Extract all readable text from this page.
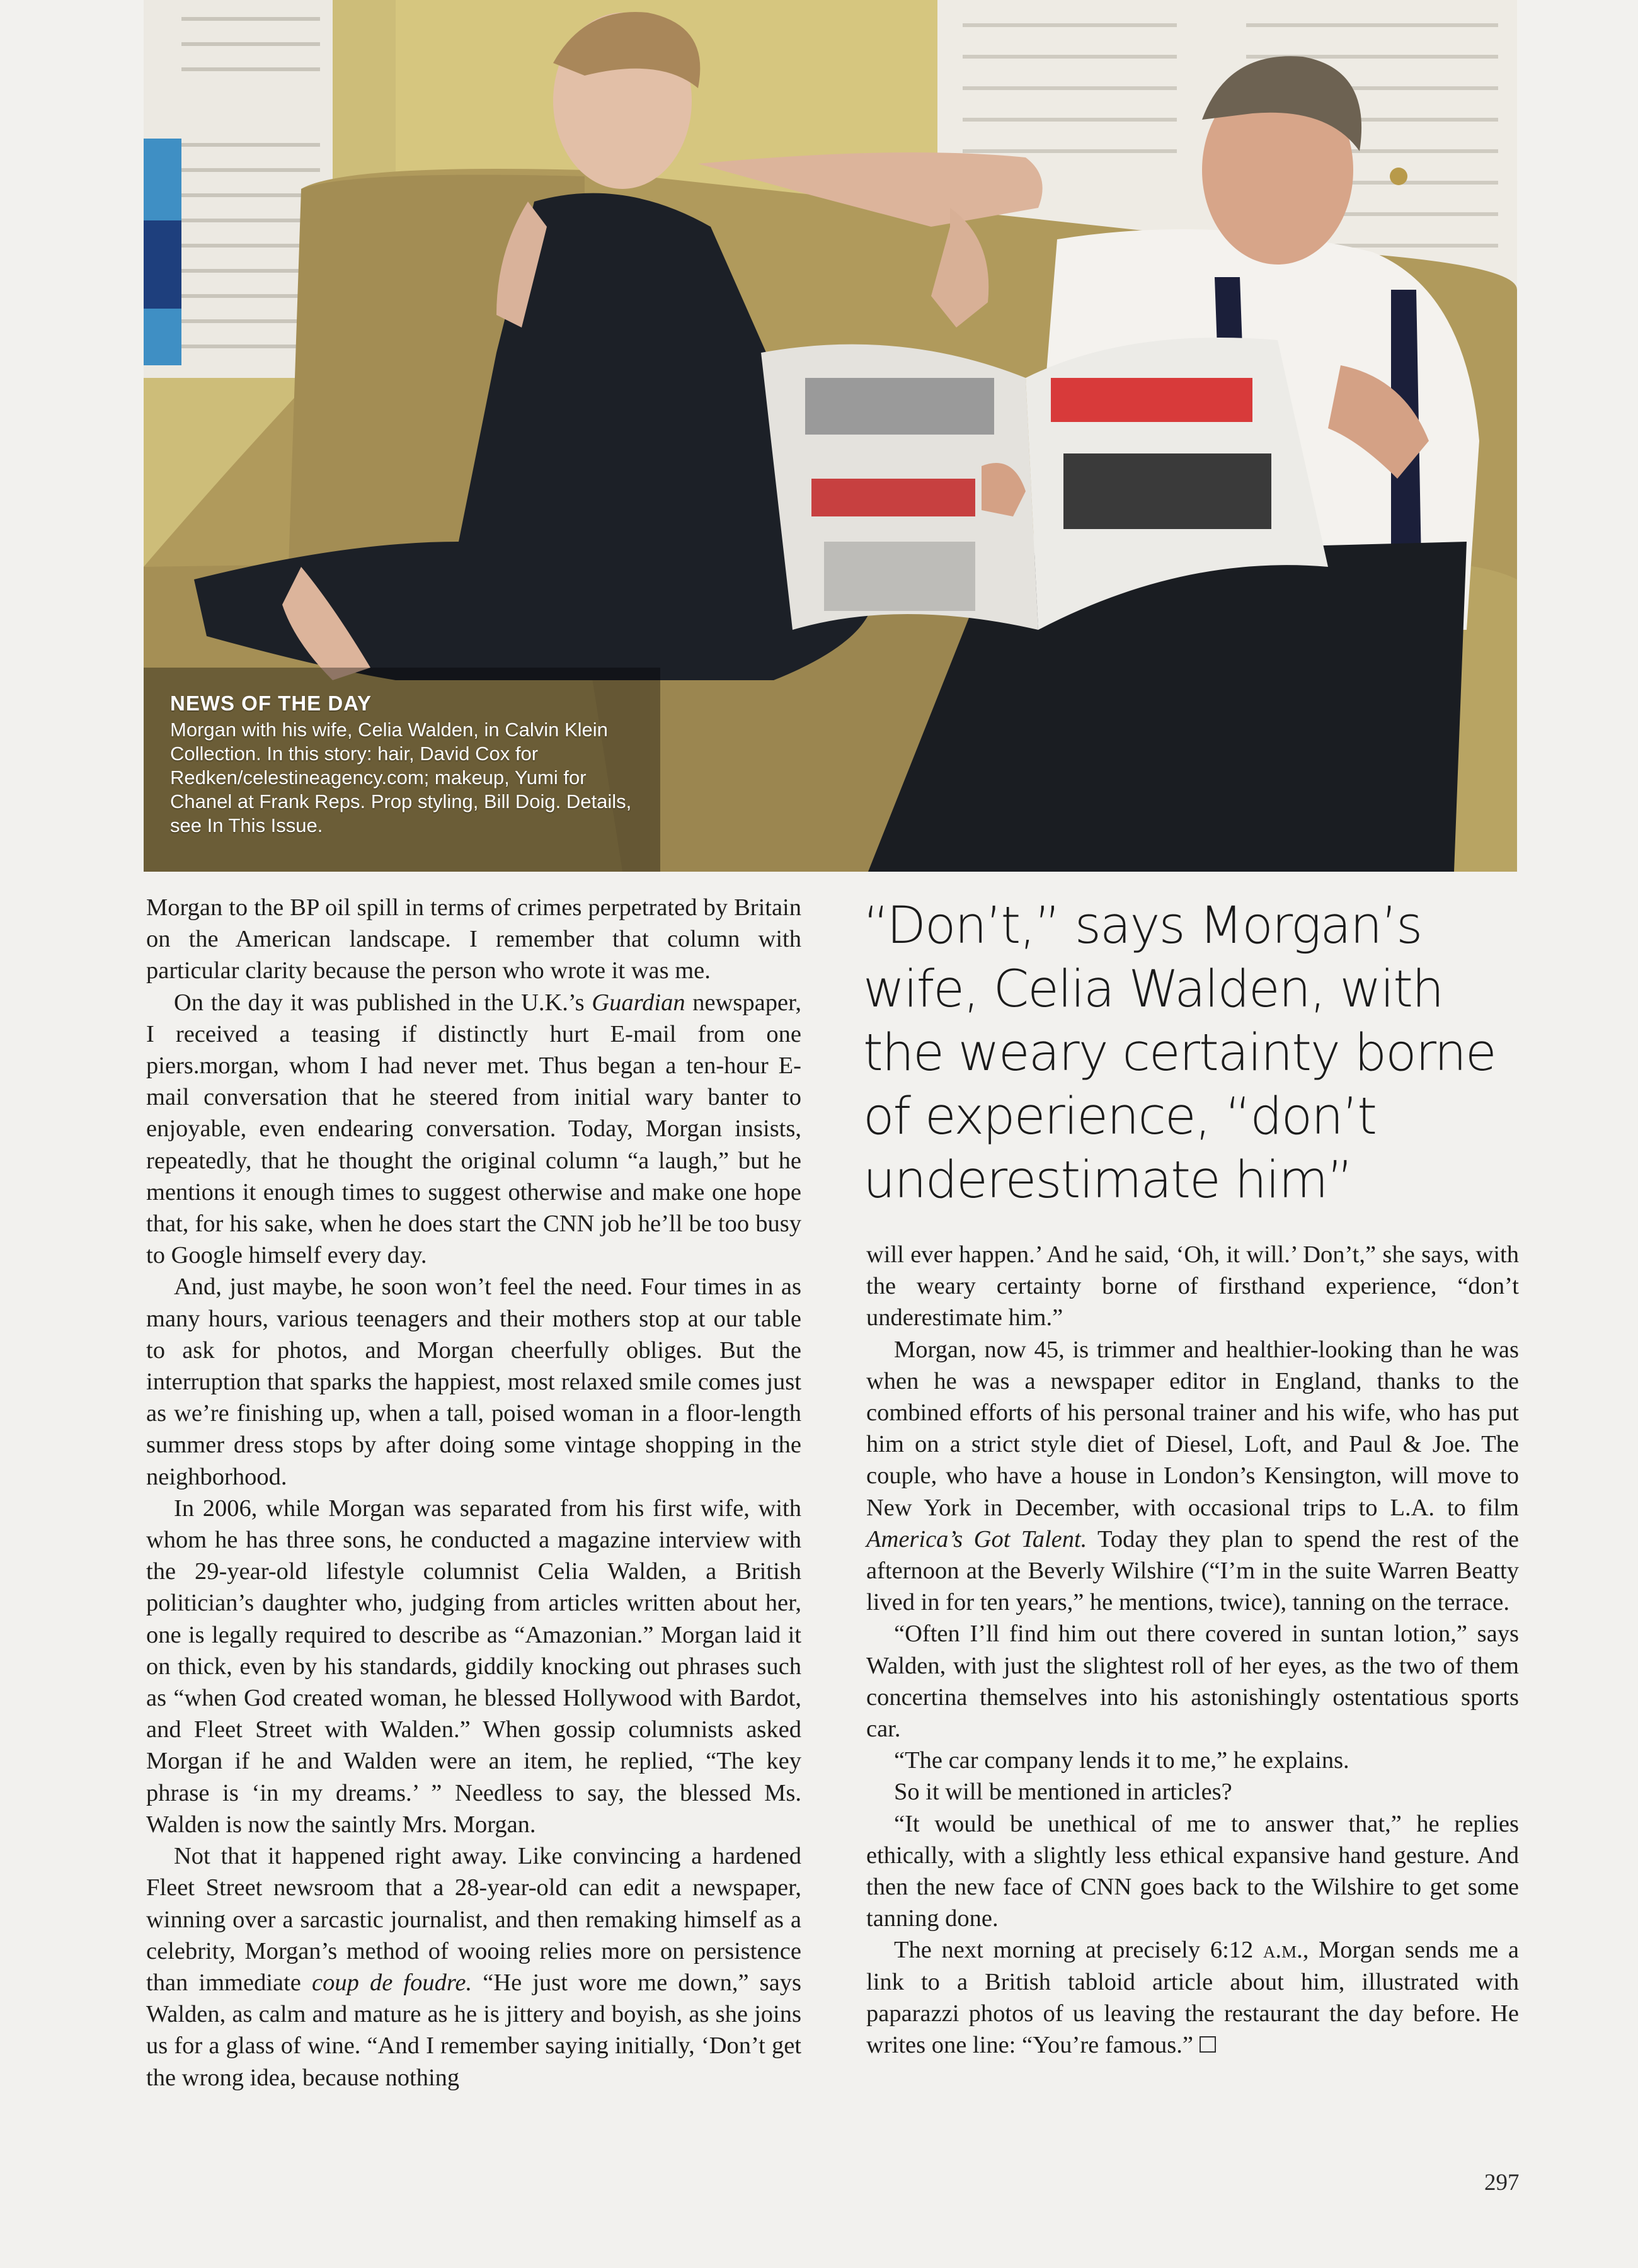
NEWS OF THE DAY
Morgan with his wife, Celia Walden, in Calvin Klein Collection. In this story: hair, David Cox for Redken/celestineagency.com; makeup, Yumi for Chanel at Frank Reps. Prop styling, Bill Doig. Details, see In This Issue.

Morgan to the BP oil spill in terms of crimes perpetrated by Britain on the American landscape. I remember that column with particular clarity because the person who wrote it was me.

On the day it was published in the U.K.’s Guardian newspaper, I received a teasing if distinctly hurt E-mail from one piers.morgan, whom I had never met. Thus began a ten-hour E-mail conversation that he steered from initial wary banter to enjoyable, even endearing conversation. Today, Morgan insists, repeatedly, that he thought the original column “a laugh,” but he mentions it enough times to suggest otherwise and make one hope that, for his sake, when he does start the CNN job he’ll be too busy to Google himself every day.

And, just maybe, he soon won’t feel the need. Four times in as many hours, various teenagers and their mothers stop at our table to ask for photos, and Morgan cheerfully obliges. But the interruption that sparks the happiest, most relaxed smile comes just as we’re finishing up, when a tall, poised woman in a floor-length summer dress stops by after doing some vintage shopping in the neighborhood.

In 2006, while Morgan was separated from his first wife, with whom he has three sons, he conducted a magazine interview with the 29-year-old lifestyle columnist Celia Walden, a British politician’s daughter who, judging from articles written about her, one is legally required to describe as “Amazonian.” Morgan laid it on thick, even by his standards, giddily knocking out phrases such as “when God created woman, he blessed Hollywood with Bardot, and Fleet Street with Walden.” When gossip columnists asked Morgan if he and Walden were an item, he replied, “The key phrase is ‘in my dreams.’ ” Needless to say, the blessed Ms. Walden is now the saintly Mrs. Morgan.

Not that it happened right away. Like convincing a hardened Fleet Street newsroom that a 28-year-old can edit a newspaper, winning over a sarcastic journalist, and then remaking himself as a celebrity, Morgan’s method of wooing relies more on persistence than immediate coup de foudre. “He just wore me down,” says Walden, as calm and mature as he is jittery and boyish, as she joins us for a glass of wine. “And I remember saying initially, ‘Don’t get the wrong idea, because nothing

“Don’t,” says Morgan’s wife, Celia Walden, with the weary certainty borne of experience, “don’t underestimate him”

will ever happen.’ And he said, ‘Oh, it will.’ Don’t,” she says, with the weary certainty borne of firsthand experience, “don’t underestimate him.”

Morgan, now 45, is trimmer and healthier-looking than he was when he was a newspaper editor in England, thanks to the combined efforts of his personal trainer and his wife, who has put him on a strict style diet of Diesel, Loft, and Paul & Joe. The couple, who have a house in London’s Kensington, will move to New York in December, with occasional trips to L.A. to film America’s Got Talent. Today they plan to spend the rest of the afternoon at the Beverly Wilshire (“I’m in the suite Warren Beatty lived in for ten years,” he mentions, twice), tanning on the terrace.

“Often I’ll find him out there covered in suntan lotion,” says Walden, with just the slightest roll of her eyes, as the two of them concertina themselves into his astonishingly ostentatious sports car.

“The car company lends it to me,” he explains.

So it will be mentioned in articles?

“It would be unethical of me to answer that,” he replies ethically, with a slightly less ethical expansive hand gesture. And then the new face of CNN goes back to the Wilshire to get some tanning done.

The next morning at precisely 6:12 a.m., Morgan sends me a link to a British tabloid article about him, illustrated with paparazzi photos of us leaving the restaurant the day before. He writes one line: “You’re famous.”

297
